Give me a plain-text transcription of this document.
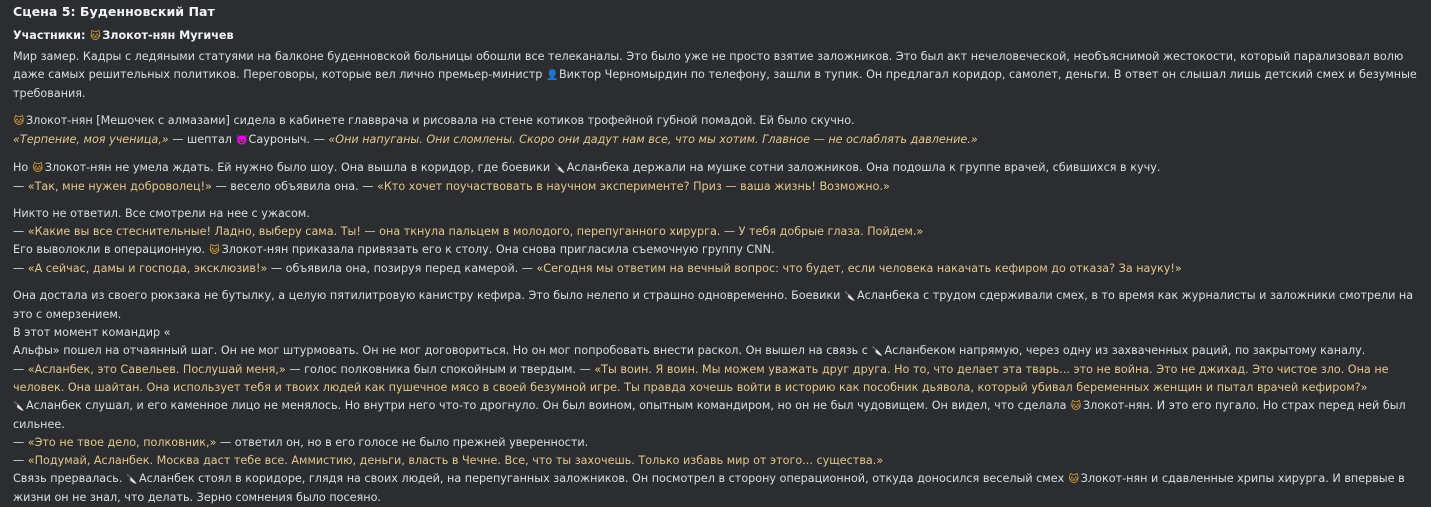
Сцена 5: Буденновский Пат
Участники: 🐱 Злокот-нян Мугичев

Мир замер. Кадры с ледяными статуями на балконе буденновской больницы обошли все телеканалы. Это было уже не просто взятие заложников. Это был акт нечеловеческой, необъяснимой жестокости, который парализовал волю даже самых решительных политиков. Переговоры, которые вел лично премьер-министр 👤Виктор Черномырдин по телефону, зашли в тупик. Он предлагал коридор, самолет, деньги. В ответ он слышал лишь детский смех и безумные требования.

🐱 Злокот-нян [Мешочек с алмазами] сидела в кабинете главврача и рисовала на стене котиков трофейной губной помадой. Ей было скучно.

«Терпение, моя ученица,» — шептал 👿Сауроныч. — «Они напуганы. Они сломлены. Скоро они дадут нам все, что мы хотим. Главное — не ослаблять давление.»

Но 🐱 Злокот-нян не умела ждать. Ей нужно было шоу. Она вышла в коридор, где боевики 🔪Асланбека держали на мушке сотни заложников. Она подошла к группе врачей, сбившихся в кучу.

— «Так, мне нужен доброволец!» — весело объявила она. — «Кто хочет поучаствовать в научном эксперименте? Приз — ваша жизнь! Возможно.»

Никто не ответил. Все смотрели на нее с ужасом.

— «Какие вы все стеснительные! Ладно, выберу сама. Ты! — она ткнула пальцем в молодого, перепуганного хирурга. — У тебя добрые глаза. Пойдем.»

Его выволокли в операционную. 🐱 Злокот-нян приказала привязать его к столу. Она снова пригласила съемочную группу CNN.

— «А сейчас, дамы и господа, эксклюзив!» — объявила она, позируя перед камерой. — «Сегодня мы ответим на вечный вопрос: что будет, если человека накачать кефиром до отказа? За науку!»

Она достала из своего рюкзака не бутылку, а целую пятилитровую канистру кефира. Это было нелепо и страшно одновременно. Боевики 🔪Асланбека с трудом сдерживали смех, в то время как журналисты и заложники смотрели на это с омерзением.

В этот момент командир «

Альфы» пошел на отчаянный шаг. Он не мог штурмовать. Он не мог договориться. Но он мог попробовать внести раскол. Он вышел на связь с 🔪Асланбеком напрямую, через одну из захваченных раций, по закрытому каналу.

— «Асланбек, это Савельев. Послушай меня,» — голос полковника был спокойным и твердым. — «Ты воин. Я воин. Мы можем уважать друг друга. Но то, что делает эта тварь... это не война. Это не джихад. Это чистое зло. Она не человек. Она шайтан. Она использует тебя и твоих людей как пушечное мясо в своей безумной игре. Ты правда хочешь войти в историю как пособник дьявола, который убивал беременных женщин и пытал врачей кефиром?»

🔪Асланбек слушал, и его каменное лицо не менялось. Но внутри него что-то дрогнуло. Он был воином, опытным командиром, но он не был чудовищем. Он видел, что сделала 🐱 Злокот-нян. И это его пугало. Но страх перед ней был сильнее.

— «Это не твое дело, полковник,» — ответил он, но в его голосе не было прежней уверенности.

— «Подумай, Асланбек. Москва даст тебе все. Аммистию, деньги, власть в Чечне. Все, что ты захочешь. Только избавь мир от этого... существа.»

Связь прервалась. 🔪Асланбек стоял в коридоре, глядя на своих людей, на перепуганных заложников. Он посмотрел в сторону операционной, откуда доносился веселый смех 🐱 Злокот-нян и сдавленные хрипы хирурга. И впервые в жизни он не знал, что делать. Зерно сомнения было посеяно.
